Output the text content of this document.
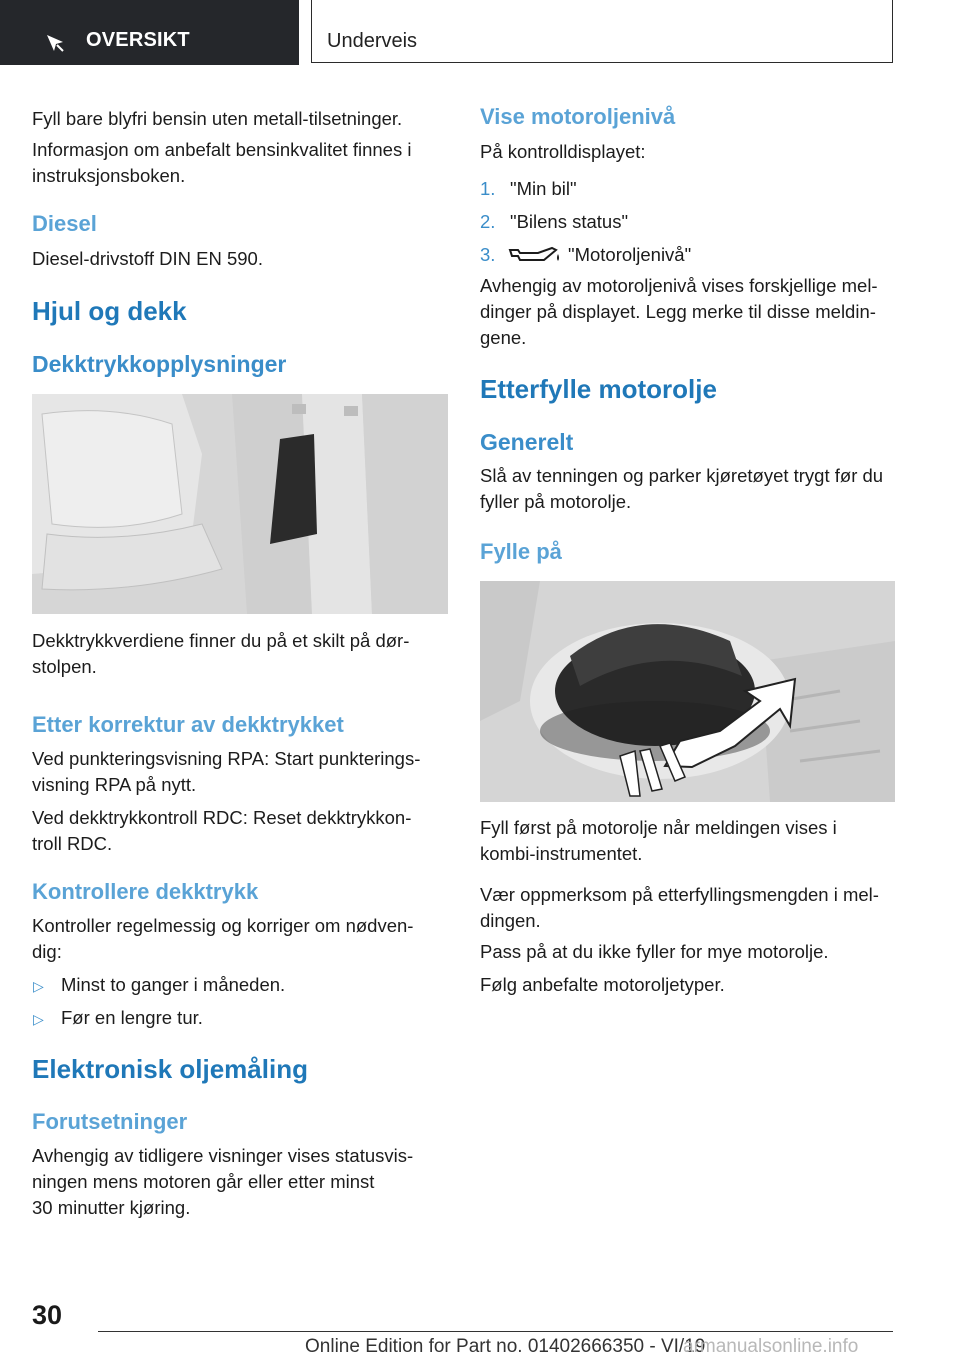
OVERSIKT	Underveis
Fyll bare blyfri bensin uten metall-tilsetninger.
Informasjon om anbefalt bensinkvalitet finnes i
instruksjonsboken.
Diesel
Diesel-drivstoff DIN EN 590.
Hjul og dekk
Dekktrykkopplysninger
Dekktrykkverdiene finner du på et skilt på dør-
stolpen.
Etter korrektur av dekktrykket
Ved punkteringsvisning RPA: Start punkterings-
visning RPA på nytt.
Ved dekktrykkontroll RDC: Reset dekktrykkon-
troll RDC.
Kontrollere dekktrykk
Kontroller regelmessig og korriger om nødven-
dig:
▷ Minst to ganger i måneden.
▷ Før en lengre tur.
Elektronisk oljemåling
Forutsetninger
Avhengig av tidligere visninger vises statusvis-
ningen mens motoren går eller etter minst
30 minutter kjøring.
Vise motoroljenivå
På kontrolldisplayet:
1. "Min bil"
2. "Bilens status"
3.	"Motoroljenivå"
Avhengig av motoroljenivå vises forskjellige mel-
dinger på displayet. Legg merke til disse meldin-
gene.
Etterfylle motorolje
Generelt
Slå av tenningen og parker kjøretøyet trygt før du
fyller på motorolje.
Fylle på
Fyll først på motorolje når meldingen vises i
kombi-instrumentet.
Vær oppmerksom på etterfyllingsmengden i mel-
dingen.
Pass på at du ikke fyller for mye motorolje.
Følg anbefalte motoroljetyper.
30
Online Edition for Part no. 01402666350 - VI/19
armanualsonline.info
